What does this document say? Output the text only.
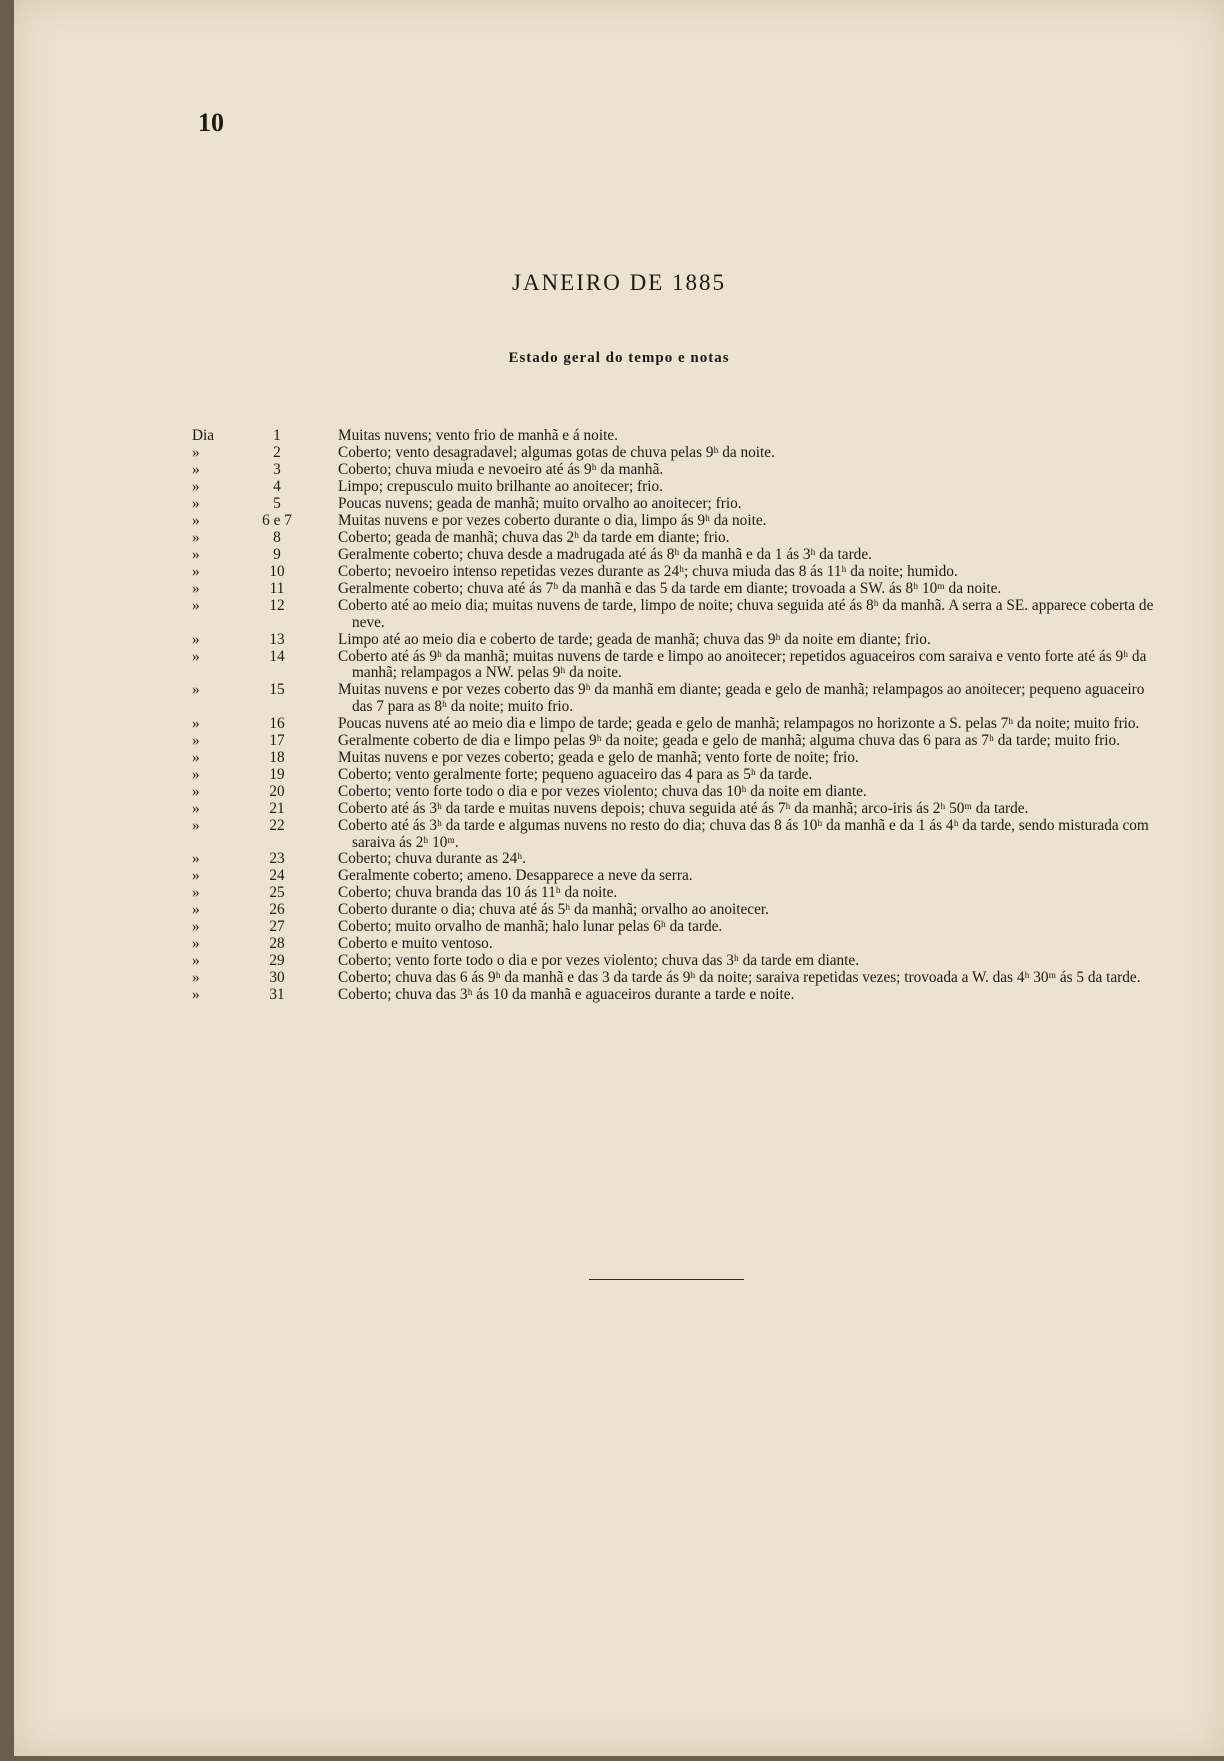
10
JANEIRO DE 1885
Estado geral do tempo e notas
Dia	1	Muitas nuvens; vento frio de manhã e á noite.
»	2	Coberto; vento desagradavel; algumas gotas de chuva pelas 9ʰ da noite.
»	3	Coberto; chuva miuda e nevoeiro até ás 9ʰ da manhã.
»	4	Limpo; crepusculo muito brilhante ao anoitecer; frio.
»	5	Poucas nuvens; geada de manhã; muito orvalho ao anoitecer; frio.
»	6 e 7	Muitas nuvens e por vezes coberto durante o dia, limpo ás 9ʰ da noite.
»	8	Coberto; geada de manhã; chuva das 2ʰ da tarde em diante; frio.
»	9	Geralmente coberto; chuva desde a madrugada até ás 8ʰ da manhã e da 1 ás 3ʰ da tarde.
»	10	Coberto; nevoeiro intenso repetidas vezes durante as 24ʰ; chuva miuda das 8 ás 11ʰ da noite; humido.
»	11	Geralmente coberto; chuva até ás 7ʰ da manhã e das 5 da tarde em diante; trovoada a SW. ás 8ʰ 10ᵐ da noite.
»	12	Coberto até ao meio dia; muitas nuvens de tarde, limpo de noite; chuva seguida até ás 8ʰ da manhã. A serra a SE. apparece coberta de neve.
»	13	Limpo até ao meio dia e coberto de tarde; geada de manhã; chuva das 9ʰ da noite em diante; frio.
»	14	Coberto até ás 9ʰ da manhã; muitas nuvens de tarde e limpo ao anoitecer; repetidos aguaceiros com saraiva e vento forte até ás 9ʰ da manhã; relampagos a NW. pelas 9ʰ da noite.
»	15	Muitas nuvens e por vezes coberto das 9ʰ da manhã em diante; geada e gelo de manhã; relampagos ao anoitecer; pequeno aguaceiro das 7 para as 8ʰ da noite; muito frio.
»	16	Poucas nuvens até ao meio dia e limpo de tarde; geada e gelo de manhã; relampagos no horizonte a S. pelas 7ʰ da noite; muito frio.
»	17	Geralmente coberto de dia e limpo pelas 9ʰ da noite; geada e gelo de manhã; alguma chuva das 6 para as 7ʰ da tarde; muito frio.
»	18	Muitas nuvens e por vezes coberto; geada e gelo de manhã; vento forte de noite; frio.
»	19	Coberto; vento geralmente forte; pequeno aguaceiro das 4 para as 5ʰ da tarde.
»	20	Coberto; vento forte todo o dia e por vezes violento; chuva das 10ʰ da noite em diante.
»	21	Coberto até ás 3ʰ da tarde e muitas nuvens depois; chuva seguida até ás 7ʰ da manhã; arco-iris ás 2ʰ 50ᵐ da tarde.
»	22	Coberto até ás 3ʰ da tarde e algumas nuvens no resto do dia; chuva das 8 ás 10ʰ da manhã e da 1 ás 4ʰ da tarde, sendo misturada com saraiva ás 2ʰ 10ᵐ.
»	23	Coberto; chuva durante as 24ʰ.
»	24	Geralmente coberto; ameno. Desapparece a neve da serra.
»	25	Coberto; chuva branda das 10 ás 11ʰ da noite.
»	26	Coberto durante o dia; chuva até ás 5ʰ da manhã; orvalho ao anoitecer.
»	27	Coberto; muito orvalho de manhã; halo lunar pelas 6ʰ da tarde.
»	28	Coberto e muito ventoso.
»	29	Coberto; vento forte todo o dia e por vezes violento; chuva das 3ʰ da tarde em diante.
»	30	Coberto; chuva das 6 ás 9ʰ da manhã e das 3 da tarde ás 9ʰ da noite; saraiva repetidas vezes; trovoada a W. das 4ʰ 30ᵐ ás 5 da tarde.
»	31	Coberto; chuva das 3ʰ ás 10 da manhã e aguaceiros durante a tarde e noite.
